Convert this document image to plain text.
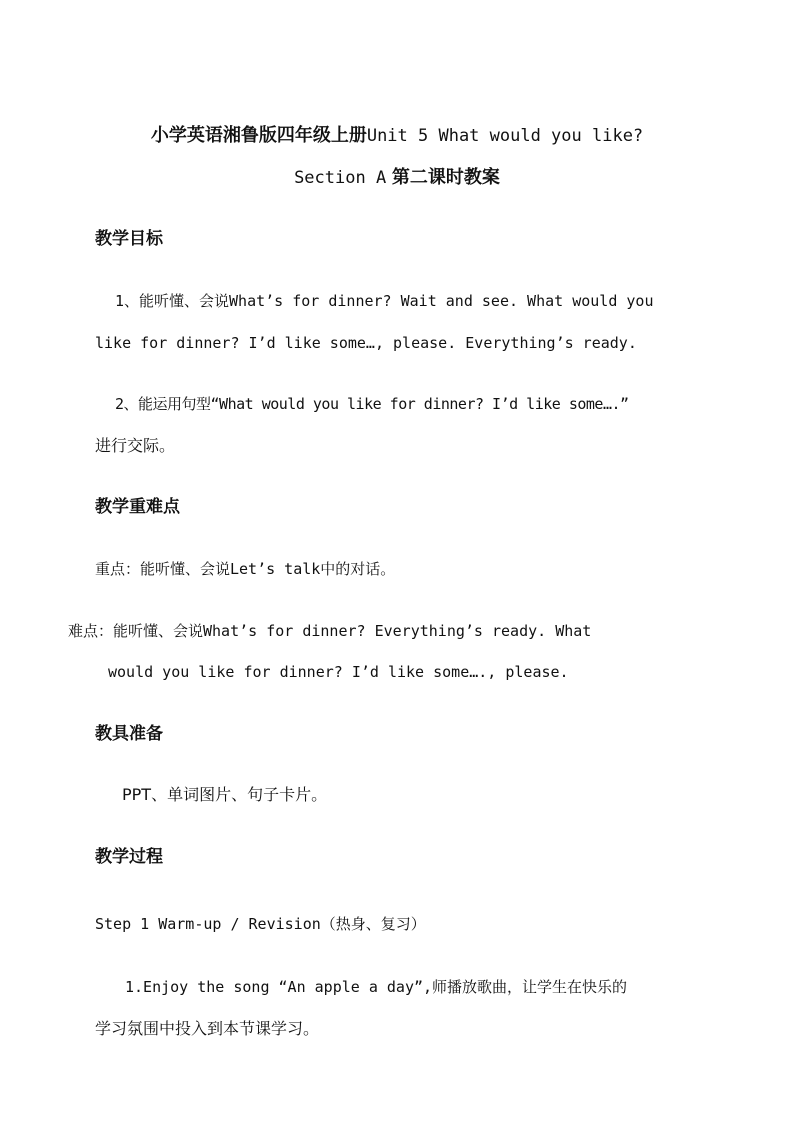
小学英语湘鲁版四年级上册Unit 5 What would you like?
Section A 第二课时教案
教学目标
1、能听懂、会说What’s for dinner? Wait and see. What would you
like for dinner? I’d like some…, please. Everything’s ready.
2、能运用句型“What would you like for dinner? I’d like some….”
进行交际。
教学重难点
重点：能听懂、会说Let’s talk中的对话。
难点：能听懂、会说What’s for dinner? Everything’s ready. What
would you like for dinner? I’d like some…., please.
教具准备
PPT、单词图片、句子卡片。
教学过程
Step 1 Warm-up / Revision（热身、复习）
1.Enjoy the song “An apple a day”,师播放歌曲，让学生在快乐的
学习氛围中投入到本节课学习。
